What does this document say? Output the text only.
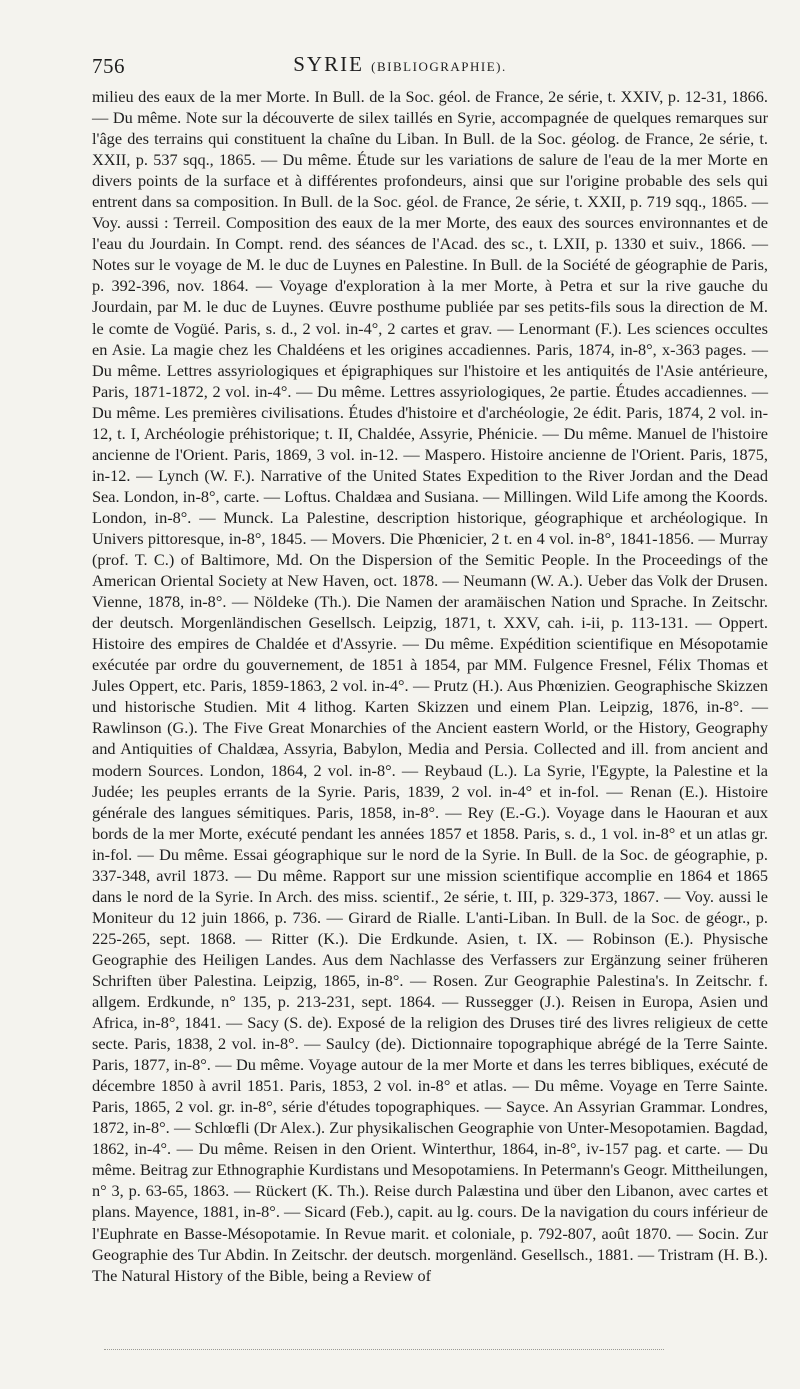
756	SYRIE (BIBLIOGRAPHIE).

milieu des eaux de la mer Morte. In Bull. de la Soc. géol. de France, 2e série, t. XXIV, p. 12-31, 1866. — Du même. Note sur la découverte de silex taillés en Syrie, accompagnée de quelques remarques sur l'âge des terrains qui constituent la chaîne du Liban. In Bull. de la Soc. géolog. de France, 2e série, t. XXII, p. 537 sqq., 1865. — Du même. Étude sur les variations de salure de l'eau de la mer Morte en divers points de la surface et à différentes profondeurs, ainsi que sur l'origine probable des sels qui entrent dans sa composition. In Bull. de la Soc. géol. de France, 2e série, t. XXII, p. 719 sqq., 1865. — Voy. aussi : Terreil. Composition des eaux de la mer Morte, des eaux des sources environnantes et de l'eau du Jourdain. In Compt. rend. des séances de l'Acad. des sc., t. LXII, p. 1330 et suiv., 1866. — Notes sur le voyage de M. le duc de Luynes en Palestine. In Bull. de la Société de géographie de Paris, p. 392-396, nov. 1864. — Voyage d'exploration à la mer Morte, à Petra et sur la rive gauche du Jourdain, par M. le duc de Luynes. Œuvre posthume publiée par ses petits-fils sous la direction de M. le comte de Vogüé. Paris, s. d., 2 vol. in-4°, 2 cartes et grav. — Lenormant (F.). Les sciences occultes en Asie. La magie chez les Chaldéens et les origines accadiennes. Paris, 1874, in-8°, x-363 pages. — Du même. Lettres assyriologiques et épigraphiques sur l'histoire et les antiquités de l'Asie antérieure, Paris, 1871-1872, 2 vol. in-4°. — Du même. Lettres assyriologiques, 2e partie. Études accadiennes. — Du même. Les premières civilisations. Études d'histoire et d'archéologie, 2e édit. Paris, 1874, 2 vol. in-12, t. I, Archéologie préhistorique; t. II, Chaldée, Assyrie, Phénicie. — Du même. Manuel de l'histoire ancienne de l'Orient. Paris, 1869, 3 vol. in-12. — Maspero. Histoire ancienne de l'Orient. Paris, 1875, in-12. — Lynch (W. F.). Narrative of the United States Expedition to the River Jordan and the Dead Sea. London, in-8°, carte. — Loftus. Chaldæa and Susiana. — Millingen. Wild Life among the Koords. London, in-8°. — Munck. La Palestine, description historique, géographique et archéologique. In Univers pittoresque, in-8°, 1845. — Movers. Die Phœnicier, 2 t. en 4 vol. in-8°, 1841-1856. — Murray (prof. T. C.) of Baltimore, Md. On the Dispersion of the Semitic People. In the Proceedings of the American Oriental Society at New Haven, oct. 1878. — Neumann (W. A.). Ueber das Volk der Drusen. Vienne, 1878, in-8°. — Nöldeke (Th.). Die Namen der aramäischen Nation und Sprache. In Zeitschr. der deutsch. Morgenländischen Gesellsch. Leipzig, 1871, t. XXV, cah. i-ii, p. 113-131. — Oppert. Histoire des empires de Chaldée et d'Assyrie. — Du même. Expédition scientifique en Mésopotamie exécutée par ordre du gouvernement, de 1851 à 1854, par MM. Fulgence Fresnel, Félix Thomas et Jules Oppert, etc. Paris, 1859-1863, 2 vol. in-4°. — Prutz (H.). Aus Phœnizien. Geographische Skizzen und historische Studien. Mit 4 lithog. Karten Skizzen und einem Plan. Leipzig, 1876, in-8°. — Rawlinson (G.). The Five Great Monarchies of the Ancient eastern World, or the History, Geography and Antiquities of Chaldæa, Assyria, Babylon, Media and Persia. Collected and ill. from ancient and modern Sources. London, 1864, 2 vol. in-8°. — Reybaud (L.). La Syrie, l'Egypte, la Palestine et la Judée; les peuples errants de la Syrie. Paris, 1839, 2 vol. in-4° et in-fol. — Renan (E.). Histoire générale des langues sémitiques. Paris, 1858, in-8°. — Rey (E.-G.). Voyage dans le Haouran et aux bords de la mer Morte, exécuté pendant les années 1857 et 1858. Paris, s. d., 1 vol. in-8° et un atlas gr. in-fol. — Du même. Essai géographique sur le nord de la Syrie. In Bull. de la Soc. de géographie, p. 337-348, avril 1873. — Du même. Rapport sur une mission scientifique accomplie en 1864 et 1865 dans le nord de la Syrie. In Arch. des miss. scientif., 2e série, t. III, p. 329-373, 1867. — Voy. aussi le Moniteur du 12 juin 1866, p. 736. — Girard de Rialle. L'anti-Liban. In Bull. de la Soc. de géogr., p. 225-265, sept. 1868. — Ritter (K.). Die Erdkunde. Asien, t. IX. — Robinson (E.). Physische Geographie des Heiligen Landes. Aus dem Nachlasse des Verfassers zur Ergänzung seiner früheren Schriften über Palestina. Leipzig, 1865, in-8°. — Rosen. Zur Geographie Palestina's. In Zeitschr. f. allgem. Erdkunde, n° 135, p. 213-231, sept. 1864. — Russegger (J.). Reisen in Europa, Asien und Africa, in-8°, 1841. — Sacy (S. de). Exposé de la religion des Druses tiré des livres religieux de cette secte. Paris, 1838, 2 vol. in-8°. — Saulcy (de). Dictionnaire topographique abrégé de la Terre Sainte. Paris, 1877, in-8°. — Du même. Voyage autour de la mer Morte et dans les terres bibliques, exécuté de décembre 1850 à avril 1851. Paris, 1853, 2 vol. in-8° et atlas. — Du même. Voyage en Terre Sainte. Paris, 1865, 2 vol. gr. in-8°, série d'études topographiques. — Sayce. An Assyrian Grammar. Londres, 1872, in-8°. — Schlœfli (Dr Alex.). Zur physikalischen Geographie von Unter-Mesopotamien. Bagdad, 1862, in-4°. — Du même. Reisen in den Orient. Winterthur, 1864, in-8°, iv-157 pag. et carte. — Du même. Beitrag zur Ethnographie Kurdistans und Mesopotamiens. In Petermann's Geogr. Mittheilungen, n° 3, p. 63-65, 1863. — Rückert (K. Th.). Reise durch Palæstina und über den Libanon, avec cartes et plans. Mayence, 1881, in-8°. — Sicard (Feb.), capit. au lg. cours. De la navigation du cours inférieur de l'Euphrate en Basse-Mésopotamie. In Revue marit. et coloniale, p. 792-807, août 1870. — Socin. Zur Geographie des Tur Abdin. In Zeitschr. der deutsch. morgenländ. Gesellsch., 1881. — Tristram (H. B.). The Natural History of the Bible, being a Review of
